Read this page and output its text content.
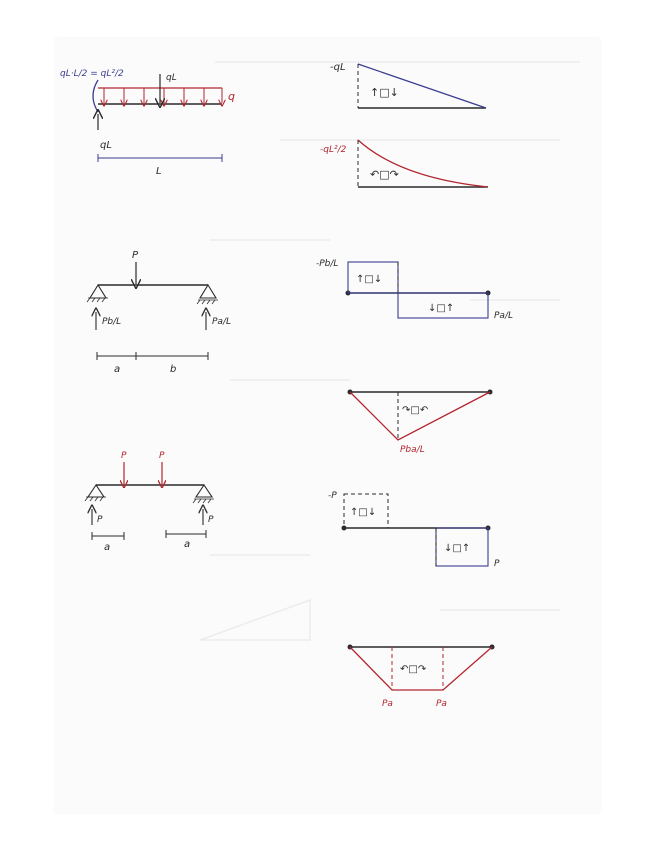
qL·L/2 = qL²/2	qL
q
qL
L
-qL
↑□↓
-qL²/2
↶□↷
P
Pb/L	Pa/L
a	b
-Pb/L
↑□↓
↓□↑
Pa/L
↷□↶
Pba/L
P	P
P	P
a	a
-P
↑□↓
↓□↑
P
↶□↷
Pa	Pa
